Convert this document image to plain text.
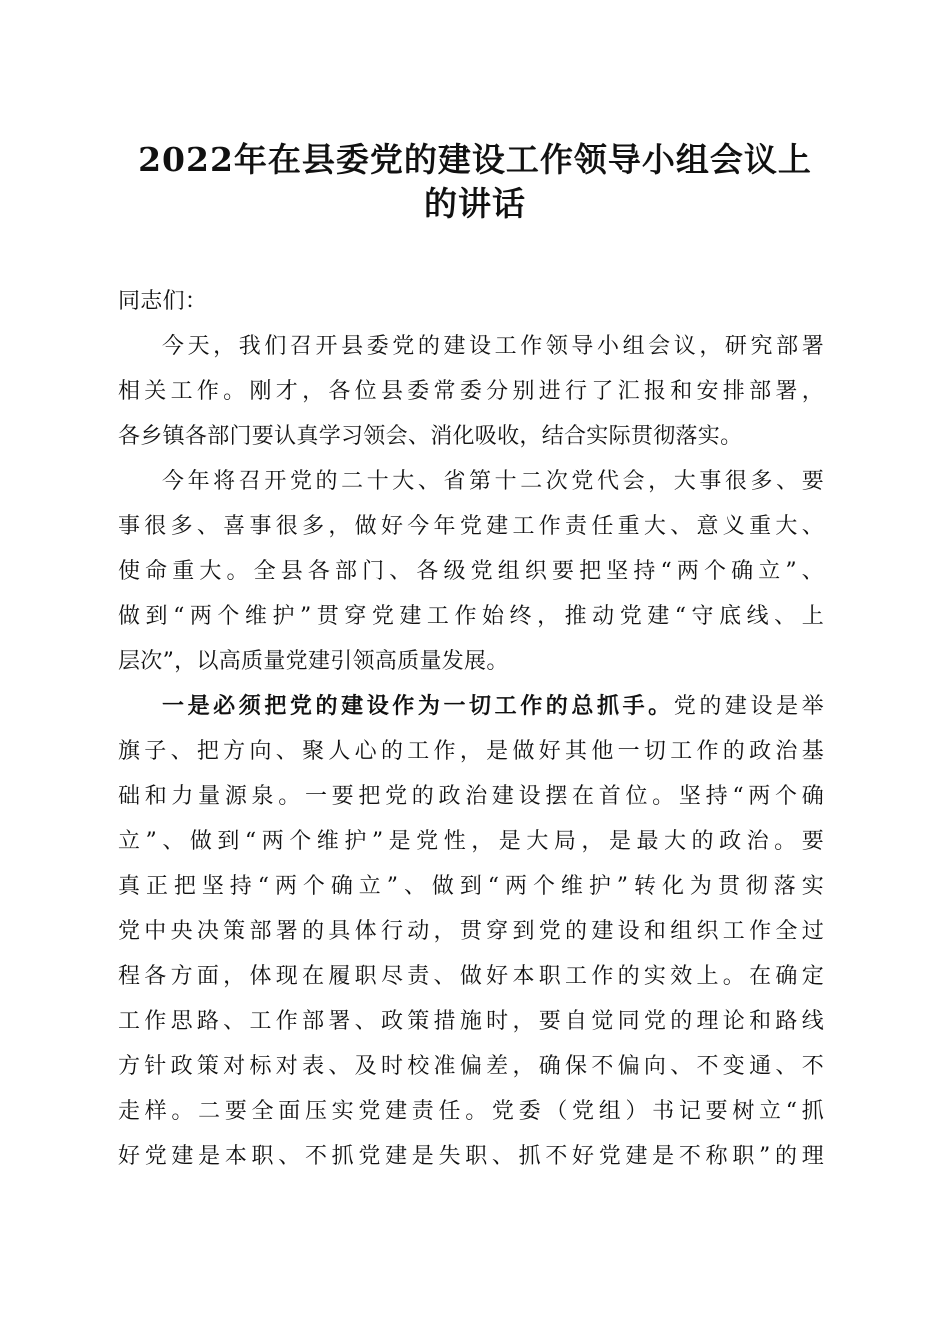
2022年在县委党的建设工作领导小组会议上
的讲话
同志们：
今天，我们召开县委党的建设工作领导小组会议，研究部署
相关工作。刚才，各位县委常委分别进行了汇报和安排部署，
各乡镇各部门要认真学习领会、消化吸收，结合实际贯彻落实。
今年将召开党的二十大、省第十二次党代会，大事很多、要
事很多、喜事很多，做好今年党建工作责任重大、意义重大、
使命重大。全县各部门、各级党组织要把坚持“两个确立”、
做到“两个维护”贯穿党建工作始终，推动党建“守底线、上
层次”，以高质量党建引领高质量发展。
一是必须把党的建设作为一切工作的总抓手。党的建设是举
旗子、把方向、聚人心的工作，是做好其他一切工作的政治基
础和力量源泉。一要把党的政治建设摆在首位。坚持“两个确
立”、做到“两个维护”是党性，是大局，是最大的政治。要
真正把坚持“两个确立”、做到“两个维护”转化为贯彻落实
党中央决策部署的具体行动，贯穿到党的建设和组织工作全过
程各方面，体现在履职尽责、做好本职工作的实效上。在确定
工作思路、工作部署、政策措施时，要自觉同党的理论和路线
方针政策对标对表、及时校准偏差，确保不偏向、不变通、不
走样。二要全面压实党建责任。党委（党组）书记要树立“抓
好党建是本职、不抓党建是失职、抓不好党建是不称职”的理
